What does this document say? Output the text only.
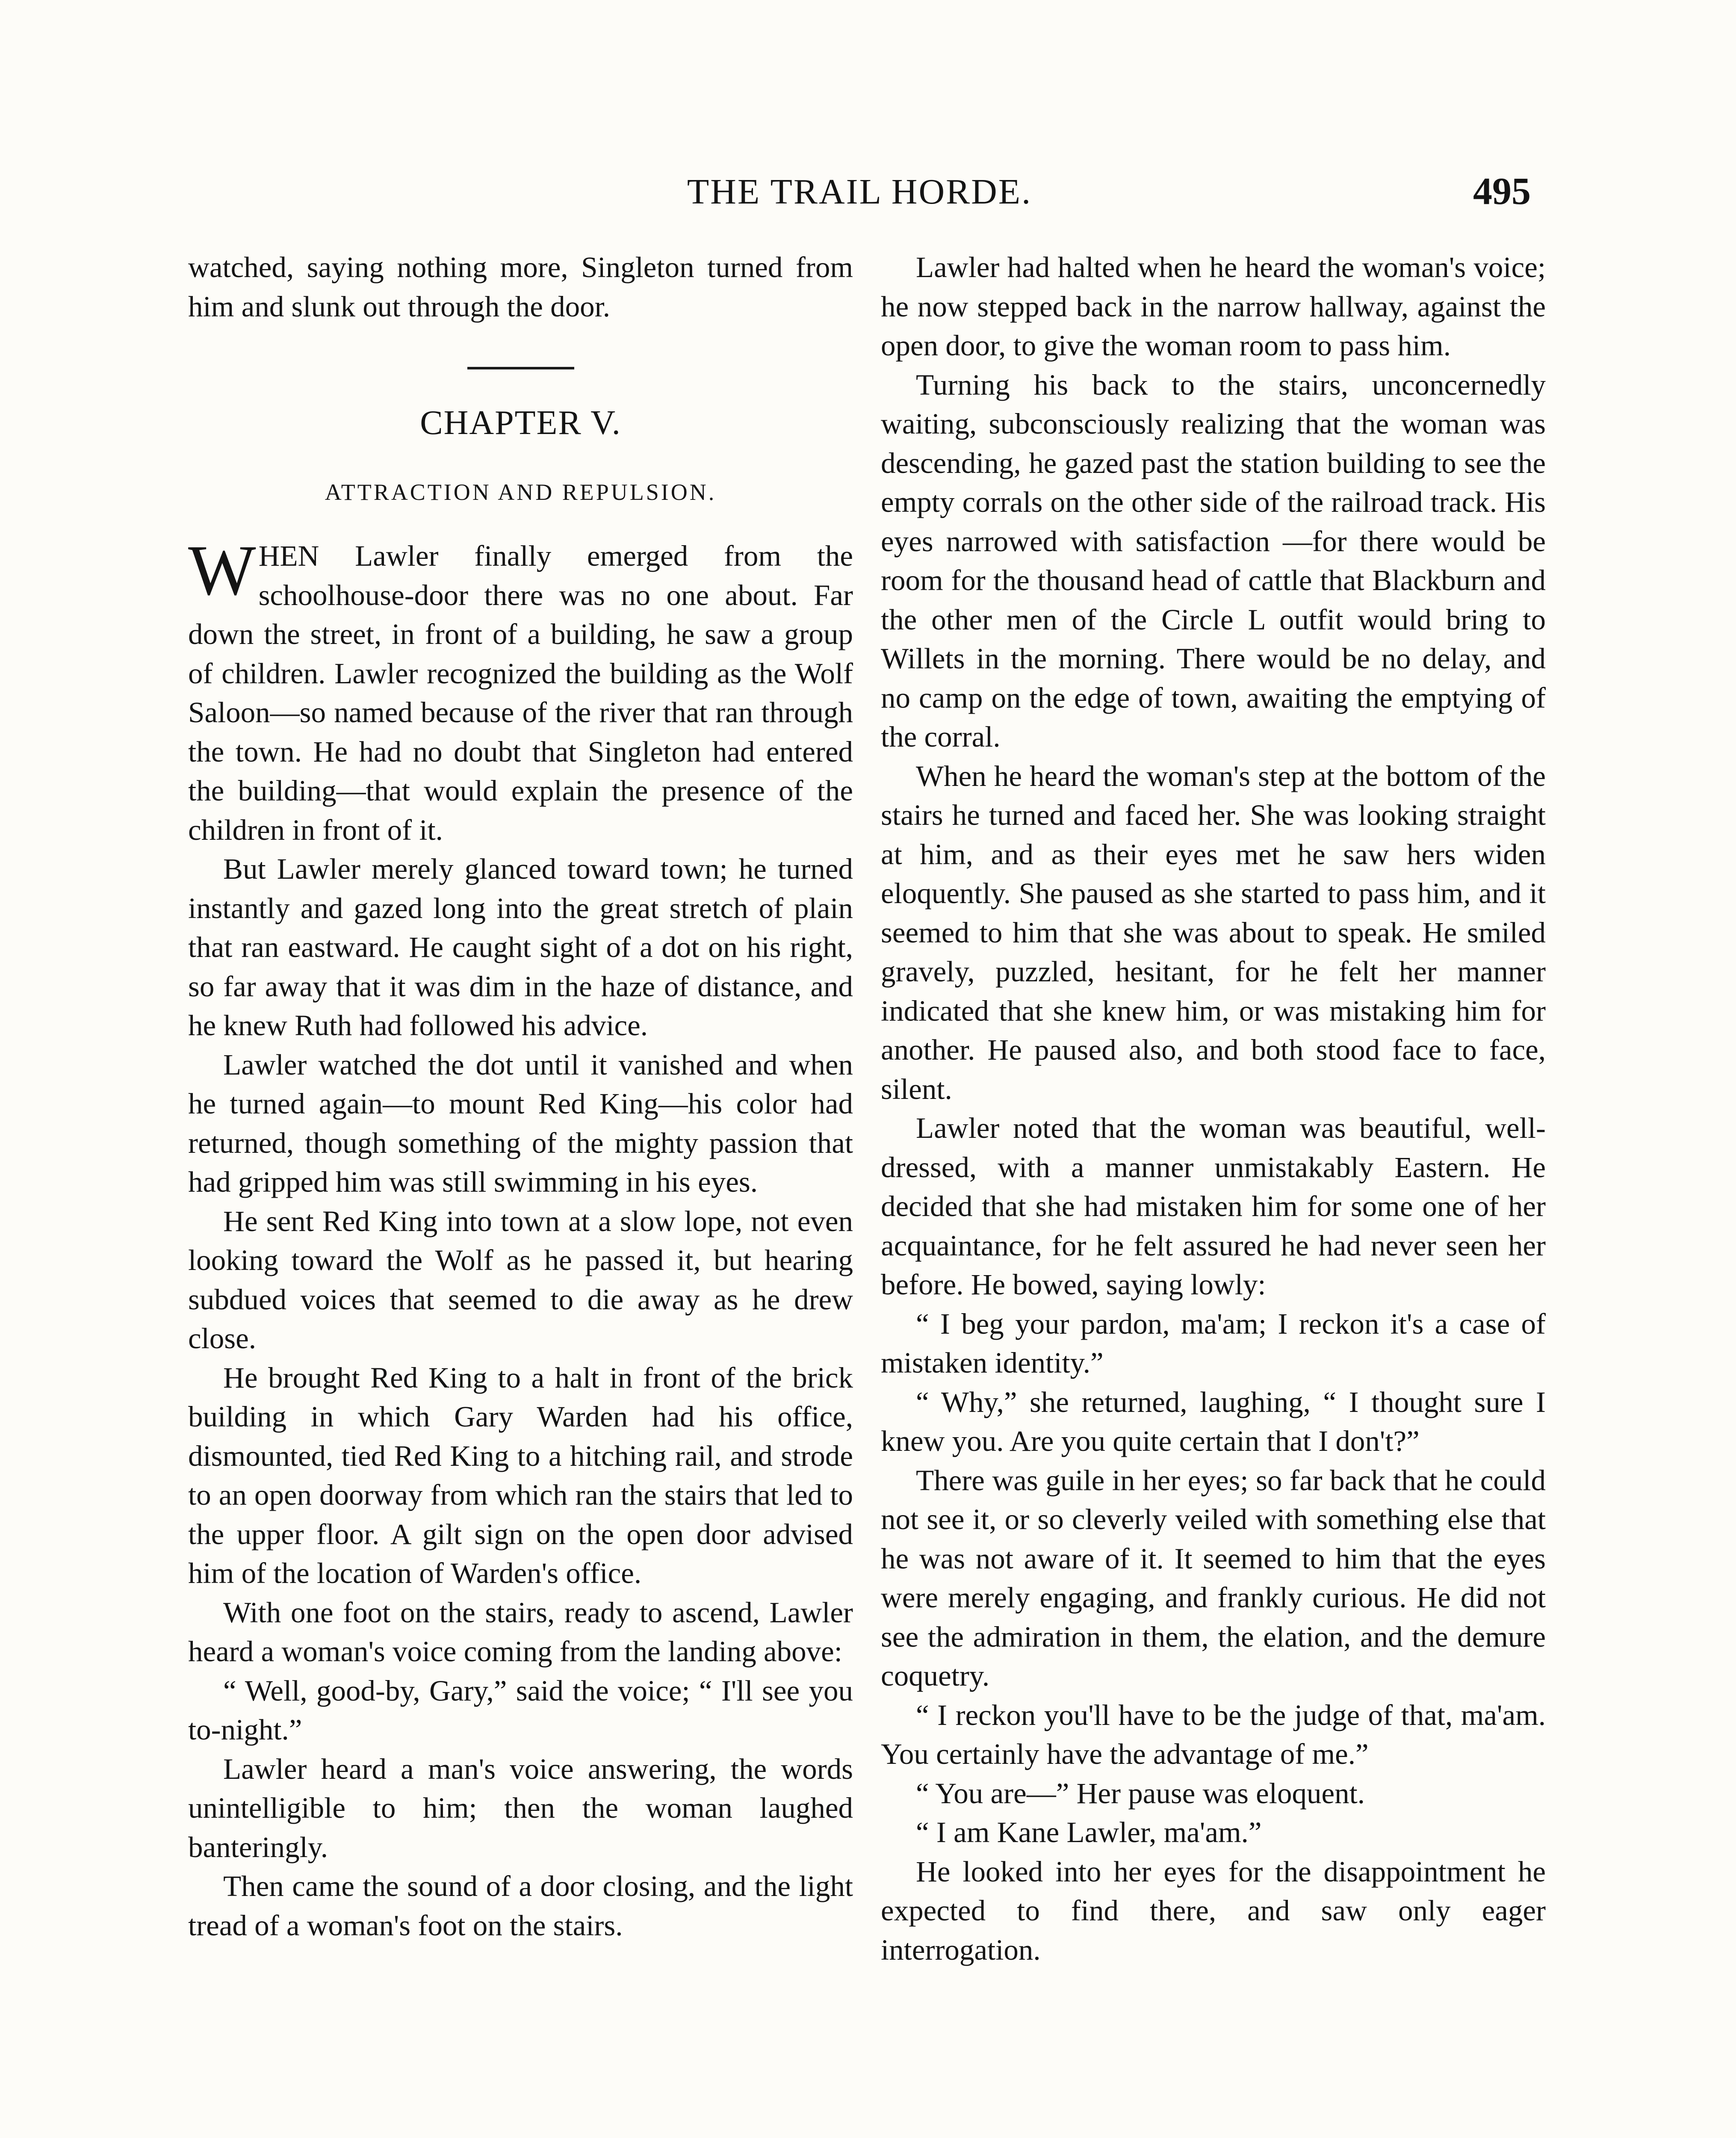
THE TRAIL HORDE.	495

watched, saying nothing more, Singleton turned from him and slunk out through the door.

CHAPTER V.
ATTRACTION AND REPULSION.

WHEN Lawler finally emerged from the schoolhouse-door there was no one about. Far down the street, in front of a building, he saw a group of children. Lawler recognized the building as the Wolf Saloon—so named because of the river that ran through the town. He had no doubt that Singleton had entered the building—that would explain the presence of the children in front of it.

But Lawler merely glanced toward town; he turned instantly and gazed long into the great stretch of plain that ran eastward. He caught sight of a dot on his right, so far away that it was dim in the haze of distance, and he knew Ruth had followed his advice.

Lawler watched the dot until it vanished and when he turned again—to mount Red King—his color had returned, though something of the mighty passion that had gripped him was still swimming in his eyes.

He sent Red King into town at a slow lope, not even looking toward the Wolf as he passed it, but hearing subdued voices that seemed to die away as he drew close.

He brought Red King to a halt in front of the brick building in which Gary Warden had his office, dismounted, tied Red King to a hitching rail, and strode to an open doorway from which ran the stairs that led to the upper floor. A gilt sign on the open door advised him of the location of Warden's office.

With one foot on the stairs, ready to ascend, Lawler heard a woman's voice coming from the landing above:

“ Well, good-by, Gary,” said the voice; “ I'll see you to-night.”

Lawler heard a man's voice answering, the words unintelligible to him; then the woman laughed banteringly.

Then came the sound of a door closing, and the light tread of a woman's foot on the stairs.

Lawler had halted when he heard the woman's voice; he now stepped back in the narrow hallway, against the open door, to give the woman room to pass him.

Turning his back to the stairs, unconcernedly waiting, subconsciously realizing that the woman was descending, he gazed past the station building to see the empty corrals on the other side of the railroad track. His eyes narrowed with satisfaction —for there would be room for the thousand head of cattle that Blackburn and the other men of the Circle L outfit would bring to Willets in the morning. There would be no delay, and no camp on the edge of town, awaiting the emptying of the corral.

When he heard the woman's step at the bottom of the stairs he turned and faced her. She was looking straight at him, and as their eyes met he saw hers widen eloquently. She paused as she started to pass him, and it seemed to him that she was about to speak. He smiled gravely, puzzled, hesitant, for he felt her manner indicated that she knew him, or was mistaking him for another. He paused also, and both stood face to face, silent.

Lawler noted that the woman was beautiful, well-dressed, with a manner unmistakably Eastern. He decided that she had mistaken him for some one of her acquaintance, for he felt assured he had never seen her before. He bowed, saying lowly:

“ I beg your pardon, ma'am; I reckon it's a case of mistaken identity.”

“ Why,” she returned, laughing, “ I thought sure I knew you. Are you quite certain that I don't?”

There was guile in her eyes; so far back that he could not see it, or so cleverly veiled with something else that he was not aware of it. It seemed to him that the eyes were merely engaging, and frankly curious. He did not see the admiration in them, the elation, and the demure coquetry.

“ I reckon you'll have to be the judge of that, ma'am. You certainly have the advantage of me.”

“ You are—” Her pause was eloquent.

“ I am Kane Lawler, ma'am.”

He looked into her eyes for the disappointment he expected to find there, and saw only eager interrogation.
